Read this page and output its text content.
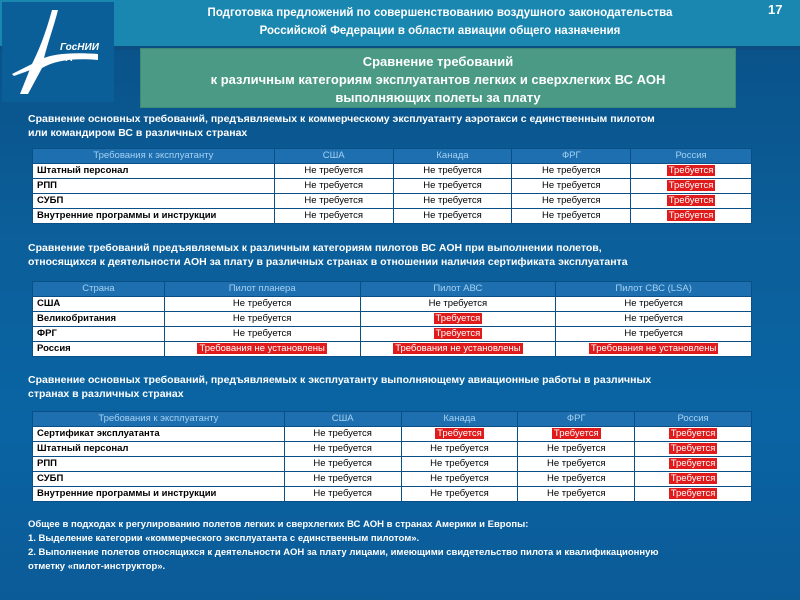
ГосНИИ ГА
Подготовка предложений по совершенствованию воздушного законодательства
Российской Федерации в области авиации общего назначения
17
Сравнение требований
к различным категориям эксплуатантов легких и сверхлегких ВС АОН
выполняющих полеты за плату
Сравнение основных требований, предъявляемых к коммерческому эксплуатанту аэротакси с единственным пилотом
или командиром ВС в различных странах
Требования к эксплуатанту	США	Канада	ФРГ	Россия
Штатный персонал	Не требуется	Не требуется	Не требуется	Требуется
РПП	Не требуется	Не требуется	Не требуется	Требуется
СУБП	Не требуется	Не требуется	Не требуется	Требуется
Внутренние программы и инструкции	Не требуется	Не требуется	Не требуется	Требуется
Сравнение требований предъявляемых к различным категориям пилотов ВС АОН при выполнении полетов,
относящихся к деятельности АОН за плату в различных странах в отношении наличия сертификата эксплуатанта
Страна	Пилот планера	Пилот АВС	Пилот СВС (LSA)
США	Не требуется	Не требуется	Не требуется
Великобритания	Не требуется	Требуется	Не требуется
ФРГ	Не требуется	Требуется	Не требуется
Россия	Требования не установлены	Требования не установлены	Требования не установлены
Сравнение основных требований, предъявляемых к эксплуатанту выполняющему авиационные работы в различных
странах в различных странах
Требования к эксплуатанту	США	Канада	ФРГ	Россия
Сертификат эксплуатанта	Не требуется	Требуется	Требуется	Требуется
Штатный персонал	Не требуется	Не требуется	Не требуется	Требуется
РПП	Не требуется	Не требуется	Не требуется	Требуется
СУБП	Не требуется	Не требуется	Не требуется	Требуется
Внутренние программы и инструкции	Не требуется	Не требуется	Не требуется	Требуется
Общее в подходах к регулированию полетов легких и сверхлегких ВС АОН в странах Америки и Европы:
1. Выделение категории «коммерческого эксплуатанта с единственным пилотом».
2. Выполнение полетов относящихся к деятельности АОН за плату лицами, имеющими свидетельство пилота и квалификационную
отметку «пилот-инструктор».
